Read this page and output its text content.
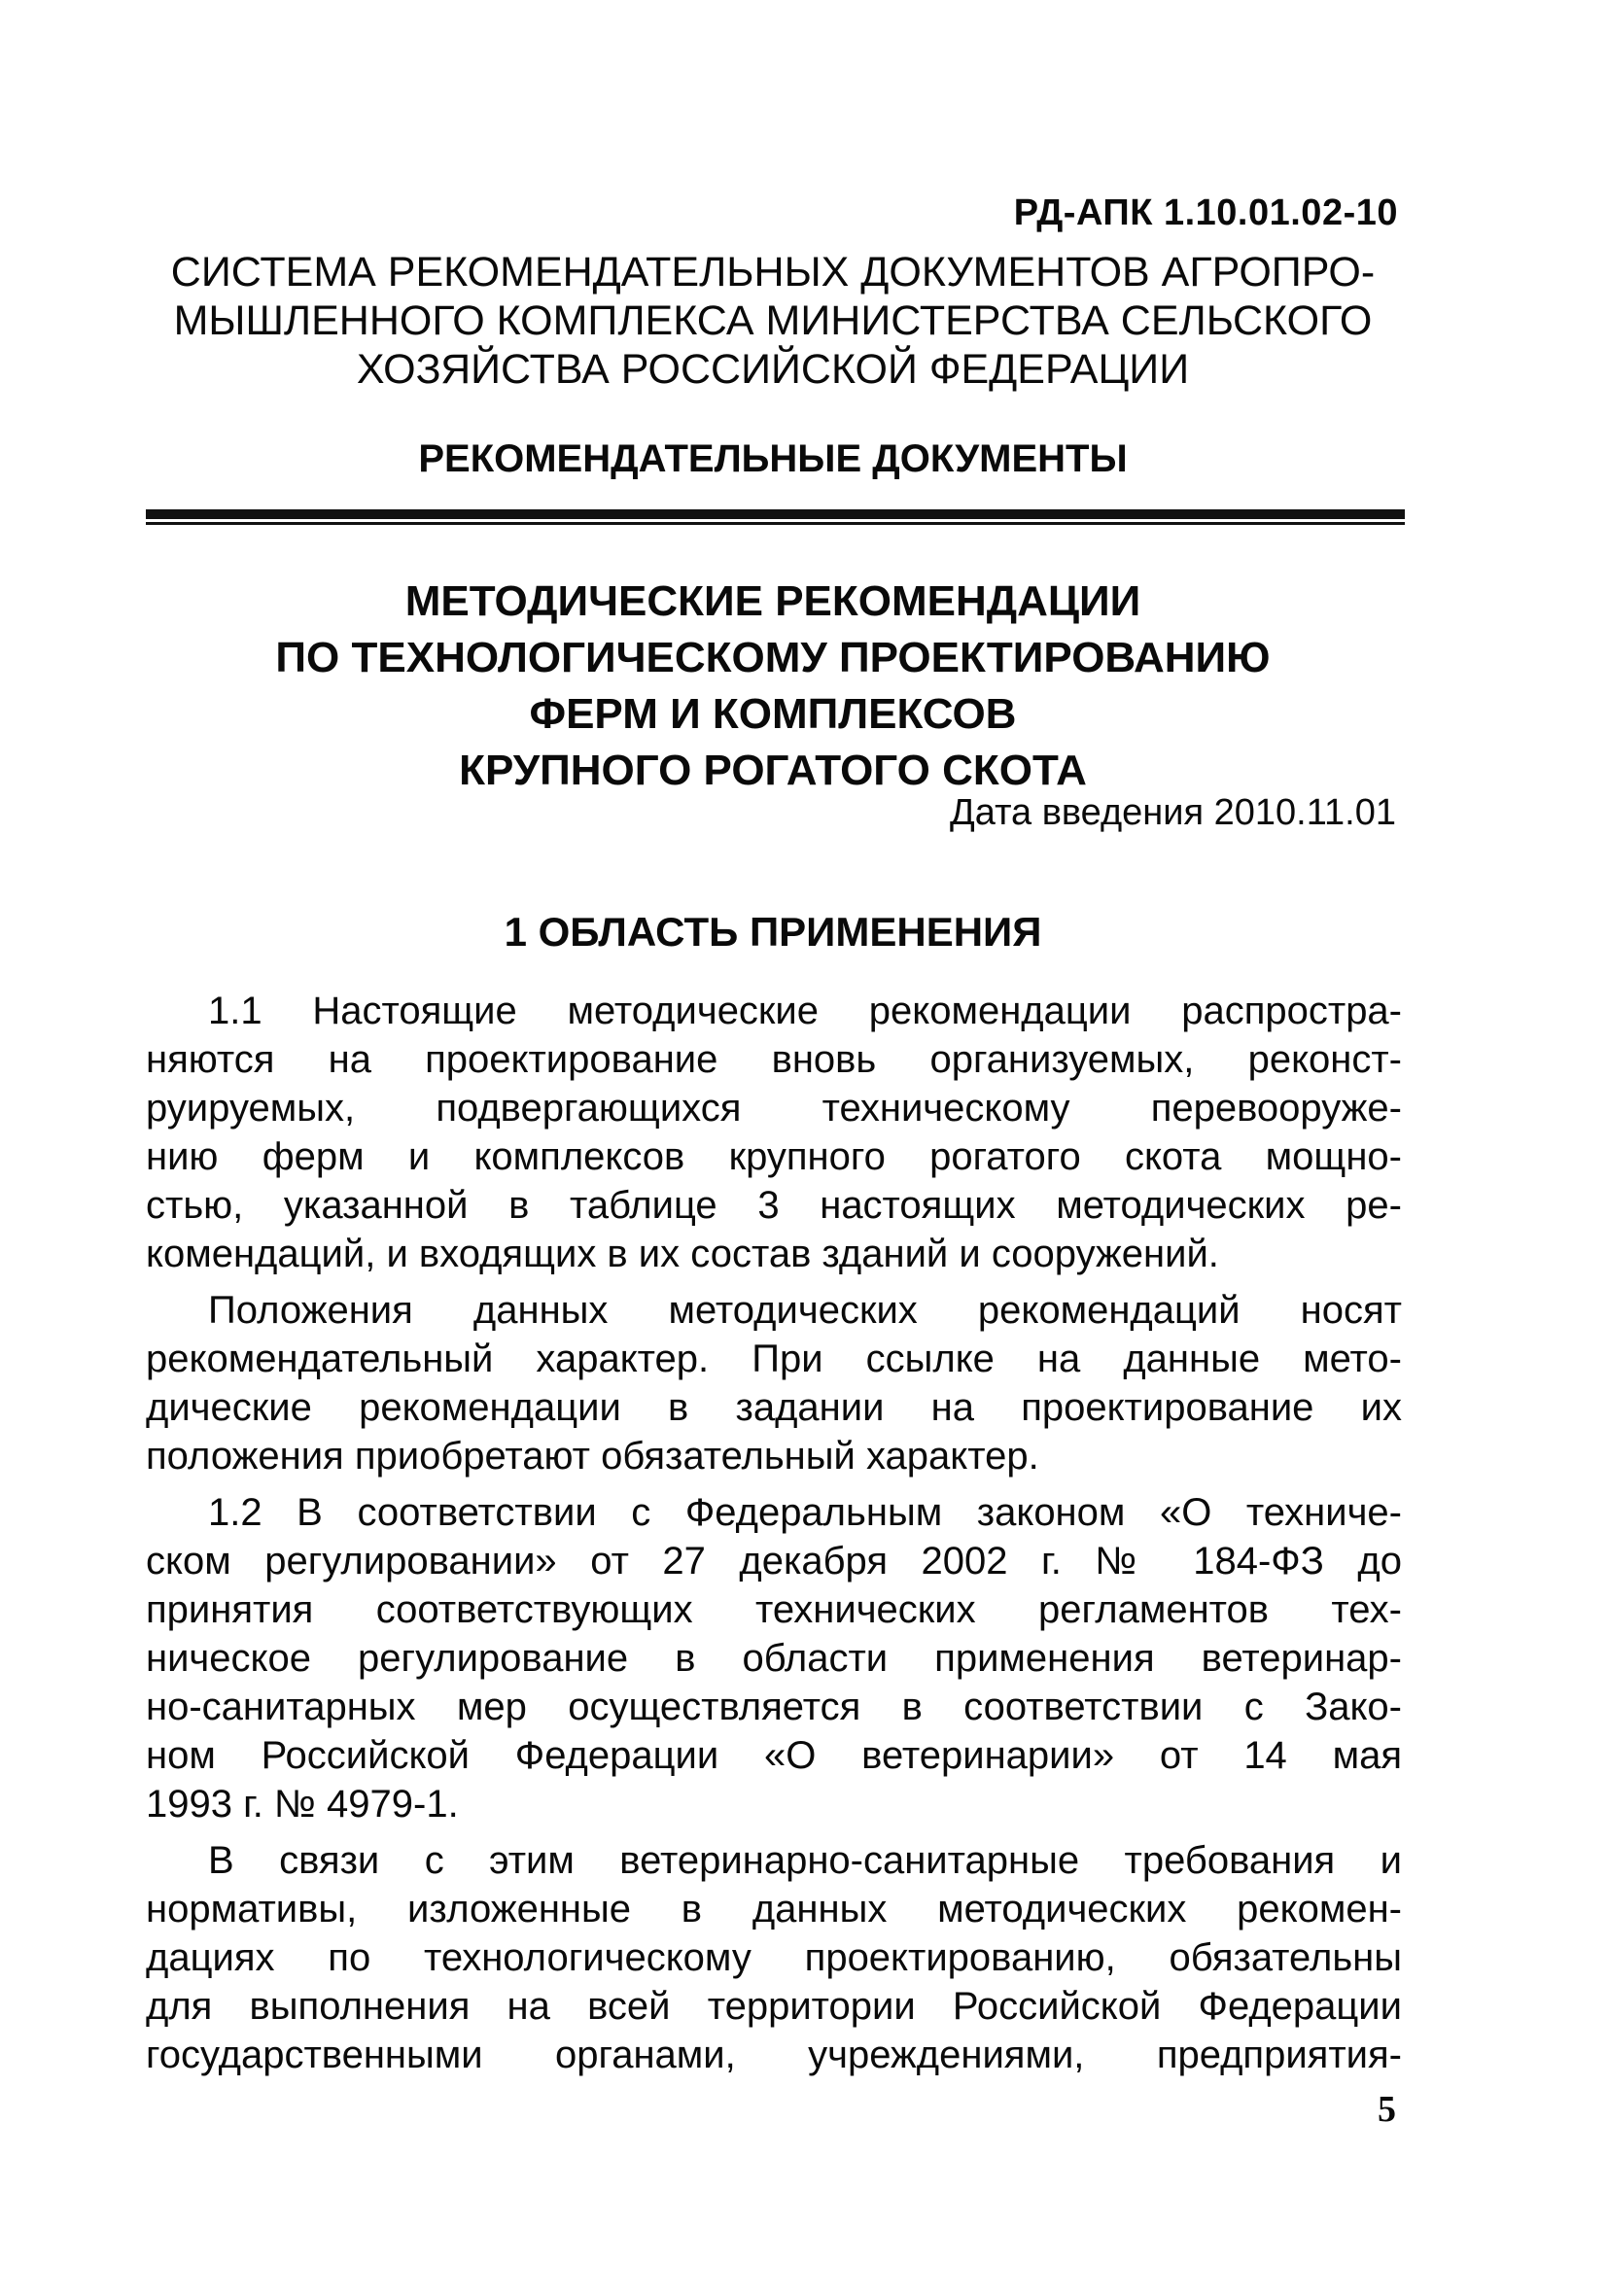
РД-АПК 1.10.01.02-10
СИСТЕМА РЕКОМЕНДАТЕЛЬНЫХ ДОКУМЕНТОВ АГРОПРО-
МЫШЛЕННОГО КОМПЛЕКСА МИНИСТЕРСТВА СЕЛЬСКОГО
ХОЗЯЙСТВА РОССИЙСКОЙ ФЕДЕРАЦИИ
РЕКОМЕНДАТЕЛЬНЫЕ ДОКУМЕНТЫ
МЕТОДИЧЕСКИЕ РЕКОМЕНДАЦИИ
ПО ТЕХНОЛОГИЧЕСКОМУ ПРОЕКТИРОВАНИЮ
ФЕРМ И КОМПЛЕКСОВ
КРУПНОГО РОГАТОГО СКОТА
Дата введения 2010.11.01
1 ОБЛАСТЬ ПРИМЕНЕНИЯ

1.1 Настоящие методические рекомендации распростра-
няются на проектирование вновь организуемых, реконст-
руируемых, подвергающихся техническому перевооруже-
нию ферм и комплексов крупного рогатого скота мощно-
стью, указанной в таблице 3 настоящих методических ре-
комендаций, и входящих в их состав зданий и сооружений.

Положения данных методических рекомендаций носят
рекомендательный характер. При ссылке на данные мето-
дические рекомендации в задании на проектирование их
положения приобретают обязательный характер.

1.2 В соответствии с Федеральным законом «О техниче-
ском регулировании» от 27 декабря 2002 г. № 184-ФЗ до
принятия соответствующих технических регламентов тех-
ническое регулирование в области применения ветеринар-
но-санитарных мер осуществляется в соответствии с Зако-
ном Российской Федерации «О ветеринарии» от 14 мая
1993 г. № 4979-1.

В связи с этим ветеринарно-санитарные требования и
нормативы, изложенные в данных методических рекомен-
дациях по технологическому проектированию, обязательны
для выполнения на всей территории Российской Федерации
государственными органами, учреждениями, предприятия-

5
